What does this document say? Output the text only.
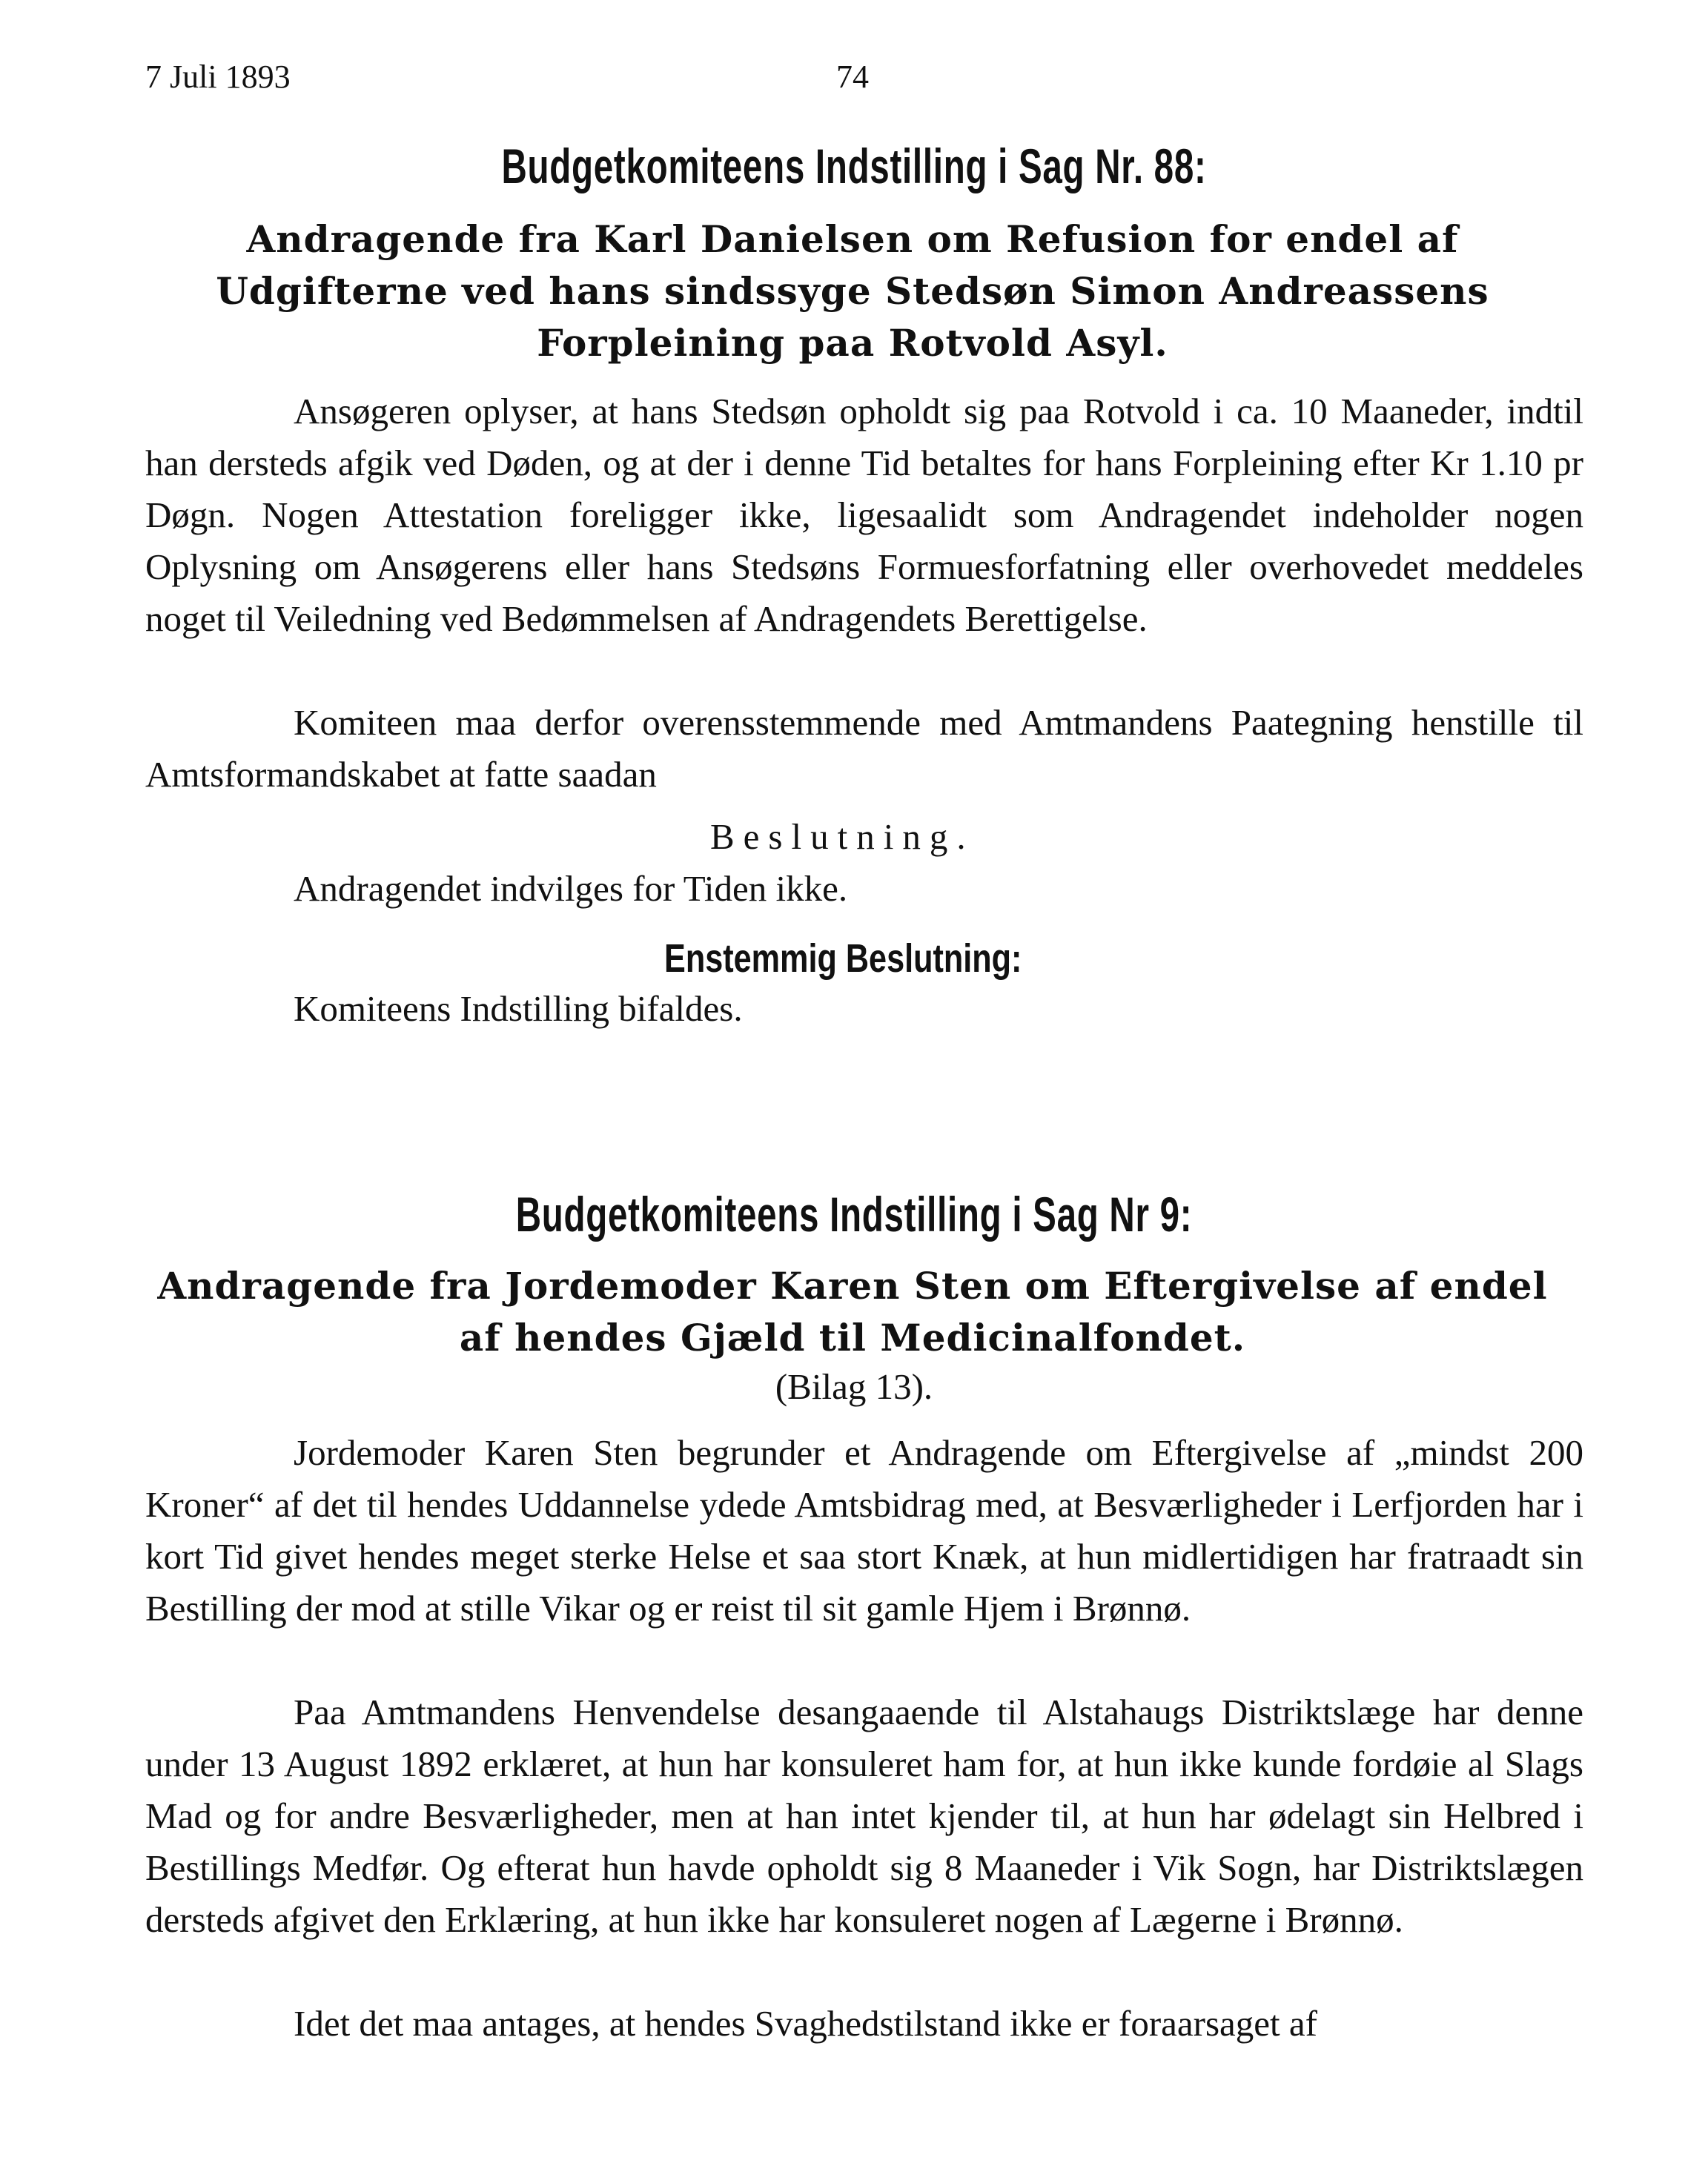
7 Juli 1893	74
Budgetkomiteens Indstilling i Sag Nr. 88:
Andragende fra Karl Danielsen om Refusion for endel af Udgifterne ved hans sindssyge Stedsøn Simon Andreassens Forpleining paa Rotvold Asyl.
Ansøgeren oplyser, at hans Stedsøn opholdt sig paa Rotvold i ca. 10 Maaneder, indtil han dersteds afgik ved Døden, og at der i denne Tid betaltes for hans Forpleining efter Kr 1.10 pr Døgn. Nogen Attestation foreligger ikke, ligesaalidt som Andragendet indeholder nogen Oplysning om Ansøgerens eller hans Stedsøns Formuesforfatning eller overhovedet meddeles noget til Veiledning ved Bedømmelsen af Andragendets Berettigelse.
Komiteen maa derfor overensstemmende med Amtmandens Paategning henstille til Amtsformandskabet at fatte saadan
Beslutning.
Andragendet indvilges for Tiden ikke.
Enstemmig Beslutning:
Komiteens Indstilling bifaldes.
Budgetkomiteens Indstilling i Sag Nr 9:
Andragende fra Jordemoder Karen Sten om Eftergivelse af endel af hendes Gjæld til Medicinalfondet.
(Bilag 13).
Jordemoder Karen Sten begrunder et Andragende om Eftergivelse af „mindst 200 Kroner“ af det til hendes Uddannelse ydede Amtsbidrag med, at Besværligheder i Lerfjorden har i kort Tid givet hendes meget sterke Helse et saa stort Knæk, at hun midlertidigen har fratraadt sin Bestilling der mod at stille Vikar og er reist til sit gamle Hjem i Brønnø.
Paa Amtmandens Henvendelse desangaaende til Alstahaugs Distriktslæge har denne under 13 August 1892 erklæret, at hun har konsuleret ham for, at hun ikke kunde fordøie al Slags Mad og for andre Besværligheder, men at han intet kjender til, at hun har ødelagt sin Helbred i Bestillings Medfør. Og efterat hun havde opholdt sig 8 Maaneder i Vik Sogn, har Distriktslægen dersteds afgivet den Erklæring, at hun ikke har konsuleret nogen af Lægerne i Brønnø.
Idet det maa antages, at hendes Svaghedstilstand ikke er foraarsaget af
